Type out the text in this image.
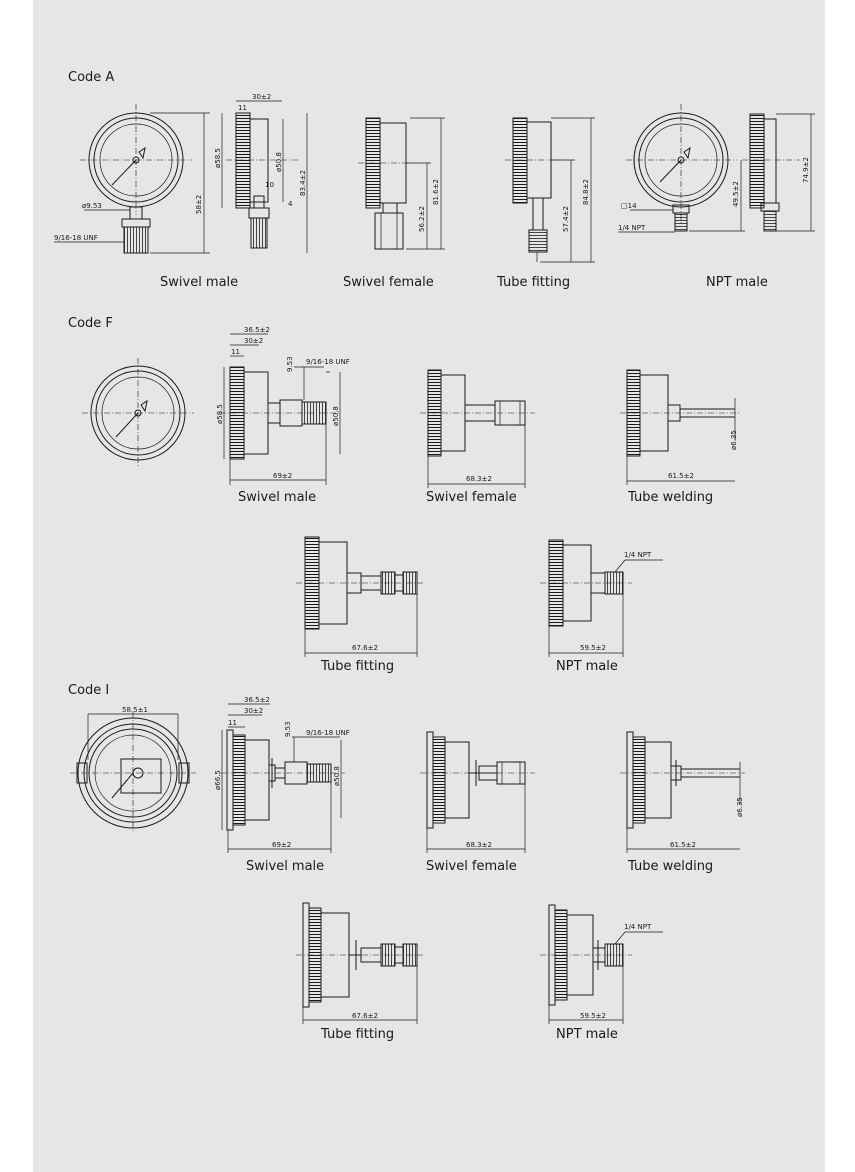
Code A
ø9.53
9/16-18 UNF
58±2
30±2
11
ø58.5	ø50.8
10
4
83.4±2
Swivel male
56.2±2
81.6±2
Swivel female
57.4±2
84.8±2
Tube fitting
□14
1/4 NPT
49.5±2
74.9±2
NPT male
Code F	36.5±2
30±2
11
9.53 9/16-18 UNF
ø58.5	ø50.8
69±2
Swivel male
68.3±2
Swivel female
ø6.35
61.5±2
Tube welding
67.6±2
Tube fitting
1/4 NPT
59.5±2
NPT male
Code I
58.5±1
36.5±2
30±2
11	9.53 9/16-18 UNF
ø66.5	ø50.8
69±2
Swivel male
68.3±2
Swivel female
ø6.35
61.5±2
Tube welding
67.6±2
Tube fitting
1/4 NPT
59.5±2
NPT male
